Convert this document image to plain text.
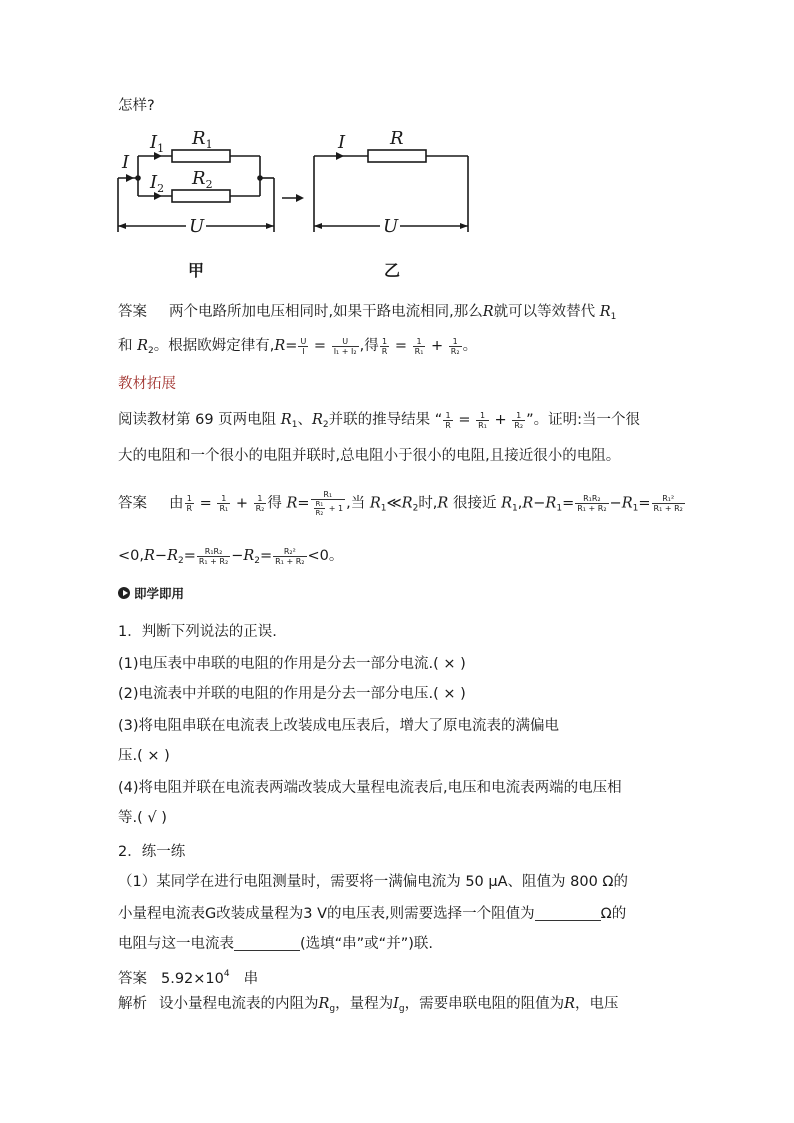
怎样?
I
$I_1$
$I_2$
$R_1$
$R_2$
U
I R
U
甲	乙
答案 两个电路所加电压相同时,如果干路电流相同,那么R就可以等效替代 $R_1$
和 $R_2$。根据欧姆定律有$,R= \frac{U}{I} = \frac{U}{\text{I₁ + I₂}}$ ,得 $\frac{1}{R} = \frac{1}{\text{R₁}} + \frac{1}{\text{R₂}}$ 。
教材拓展
阅读教材第 69 页两电阻 $R_1$、$R_2$并联的推导结果 “ $\frac{1}{R} = \frac{1}{\text{R₁}} + \frac{1}{\text{R₂}}$ ”。证明:当一个很
大的电阻和一个很小的电阻并联时,总电阻小于很小的电阻,且接近很小的电阻。
答案 由 $\frac{1}{R} = \frac{1}{\text{R₁}} + \frac{1}{\text{R₂}}$ 得 $R= \frac{\text{R₁}}{\frac{\text{R₁}}{\text{R₂}} + 1}$ ,当 $R_1≪R_2$时,R 很接近 $R_1,R-R_1= \frac{\text{R₁R₂}}{\text{R₁ + R₂}} -R_1= \frac{\text{R₁²}}{\text{R₁ + R₂}}$
$<0,R-R_2= \frac{\text{R₁R₂}}{\text{R₁ + R₂}} -R_2= \frac{\text{R₂²}}{\text{R₁ + R₂}} <0$。
即学即用
1．判断下列说法的正误.
(1)电压表中串联的电阻的作用是分去一部分电流.( × )
(2)电流表中并联的电阻的作用是分去一部分电压.( × )
(3)将电阻串联在电流表上改装成电压表后，增大了原电流表的满偏电
压.( × )
(4)将电阻并联在电流表两端改装成大量程电流表后,电压和电流表两端的电压相
等.( √ )
2．练一练
（1）某同学在进行电阻测量时，需要将一满偏电流为 50 μA、阻值为 800 Ω的
小量程电流表G改装成量程为3 V的电压表,则需要选择一个阻值为	Ω的
电阻与这一电流表	(选填“串”或“并”)联.
答案 $5.92\times 10^4$ 串
解析 设小量程电流表的内阻为$R_g$，量程为$I_g$，需要串联电阻的阻值为R，电压
